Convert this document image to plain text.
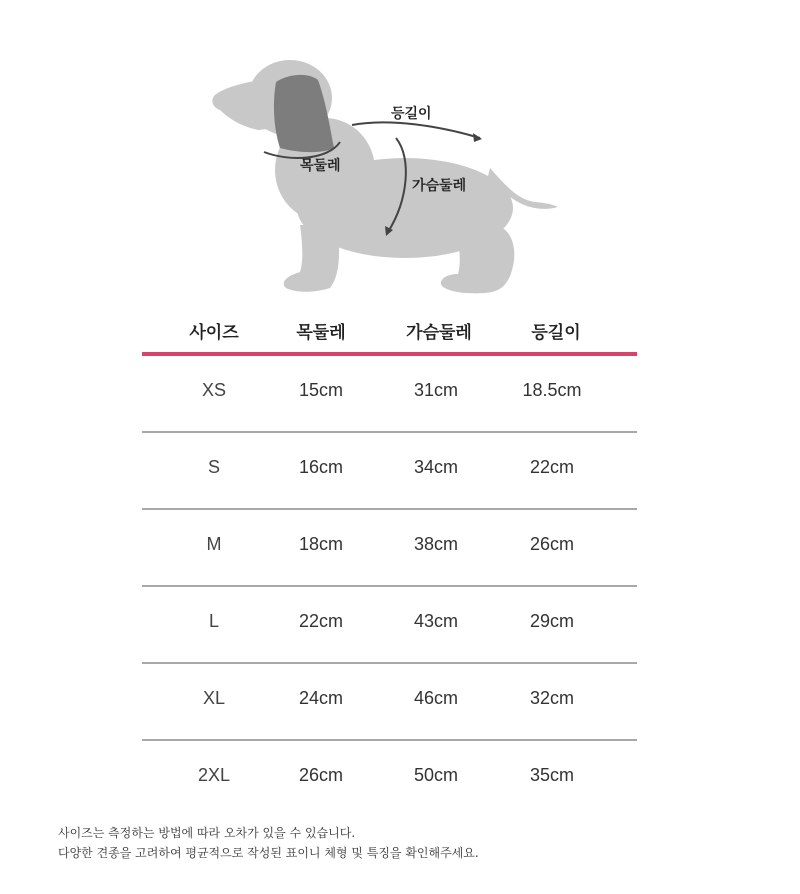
등길이
목둘레
가슴둘레
사이즈	목둘레	가슴둘레	등길이
XS	15cm	31cm	18.5cm
S	16cm	34cm	22cm
M	18cm	38cm	26cm
L	22cm	43cm	29cm
XL	24cm	46cm	32cm
2XL	26cm	50cm	35cm
사이즈는 측정하는 방법에 따라 오차가 있을 수 있습니다.
다양한 견종을 고려하여 평균적으로 작성된 표이니 체형 및 특징을 확인해주세요.
